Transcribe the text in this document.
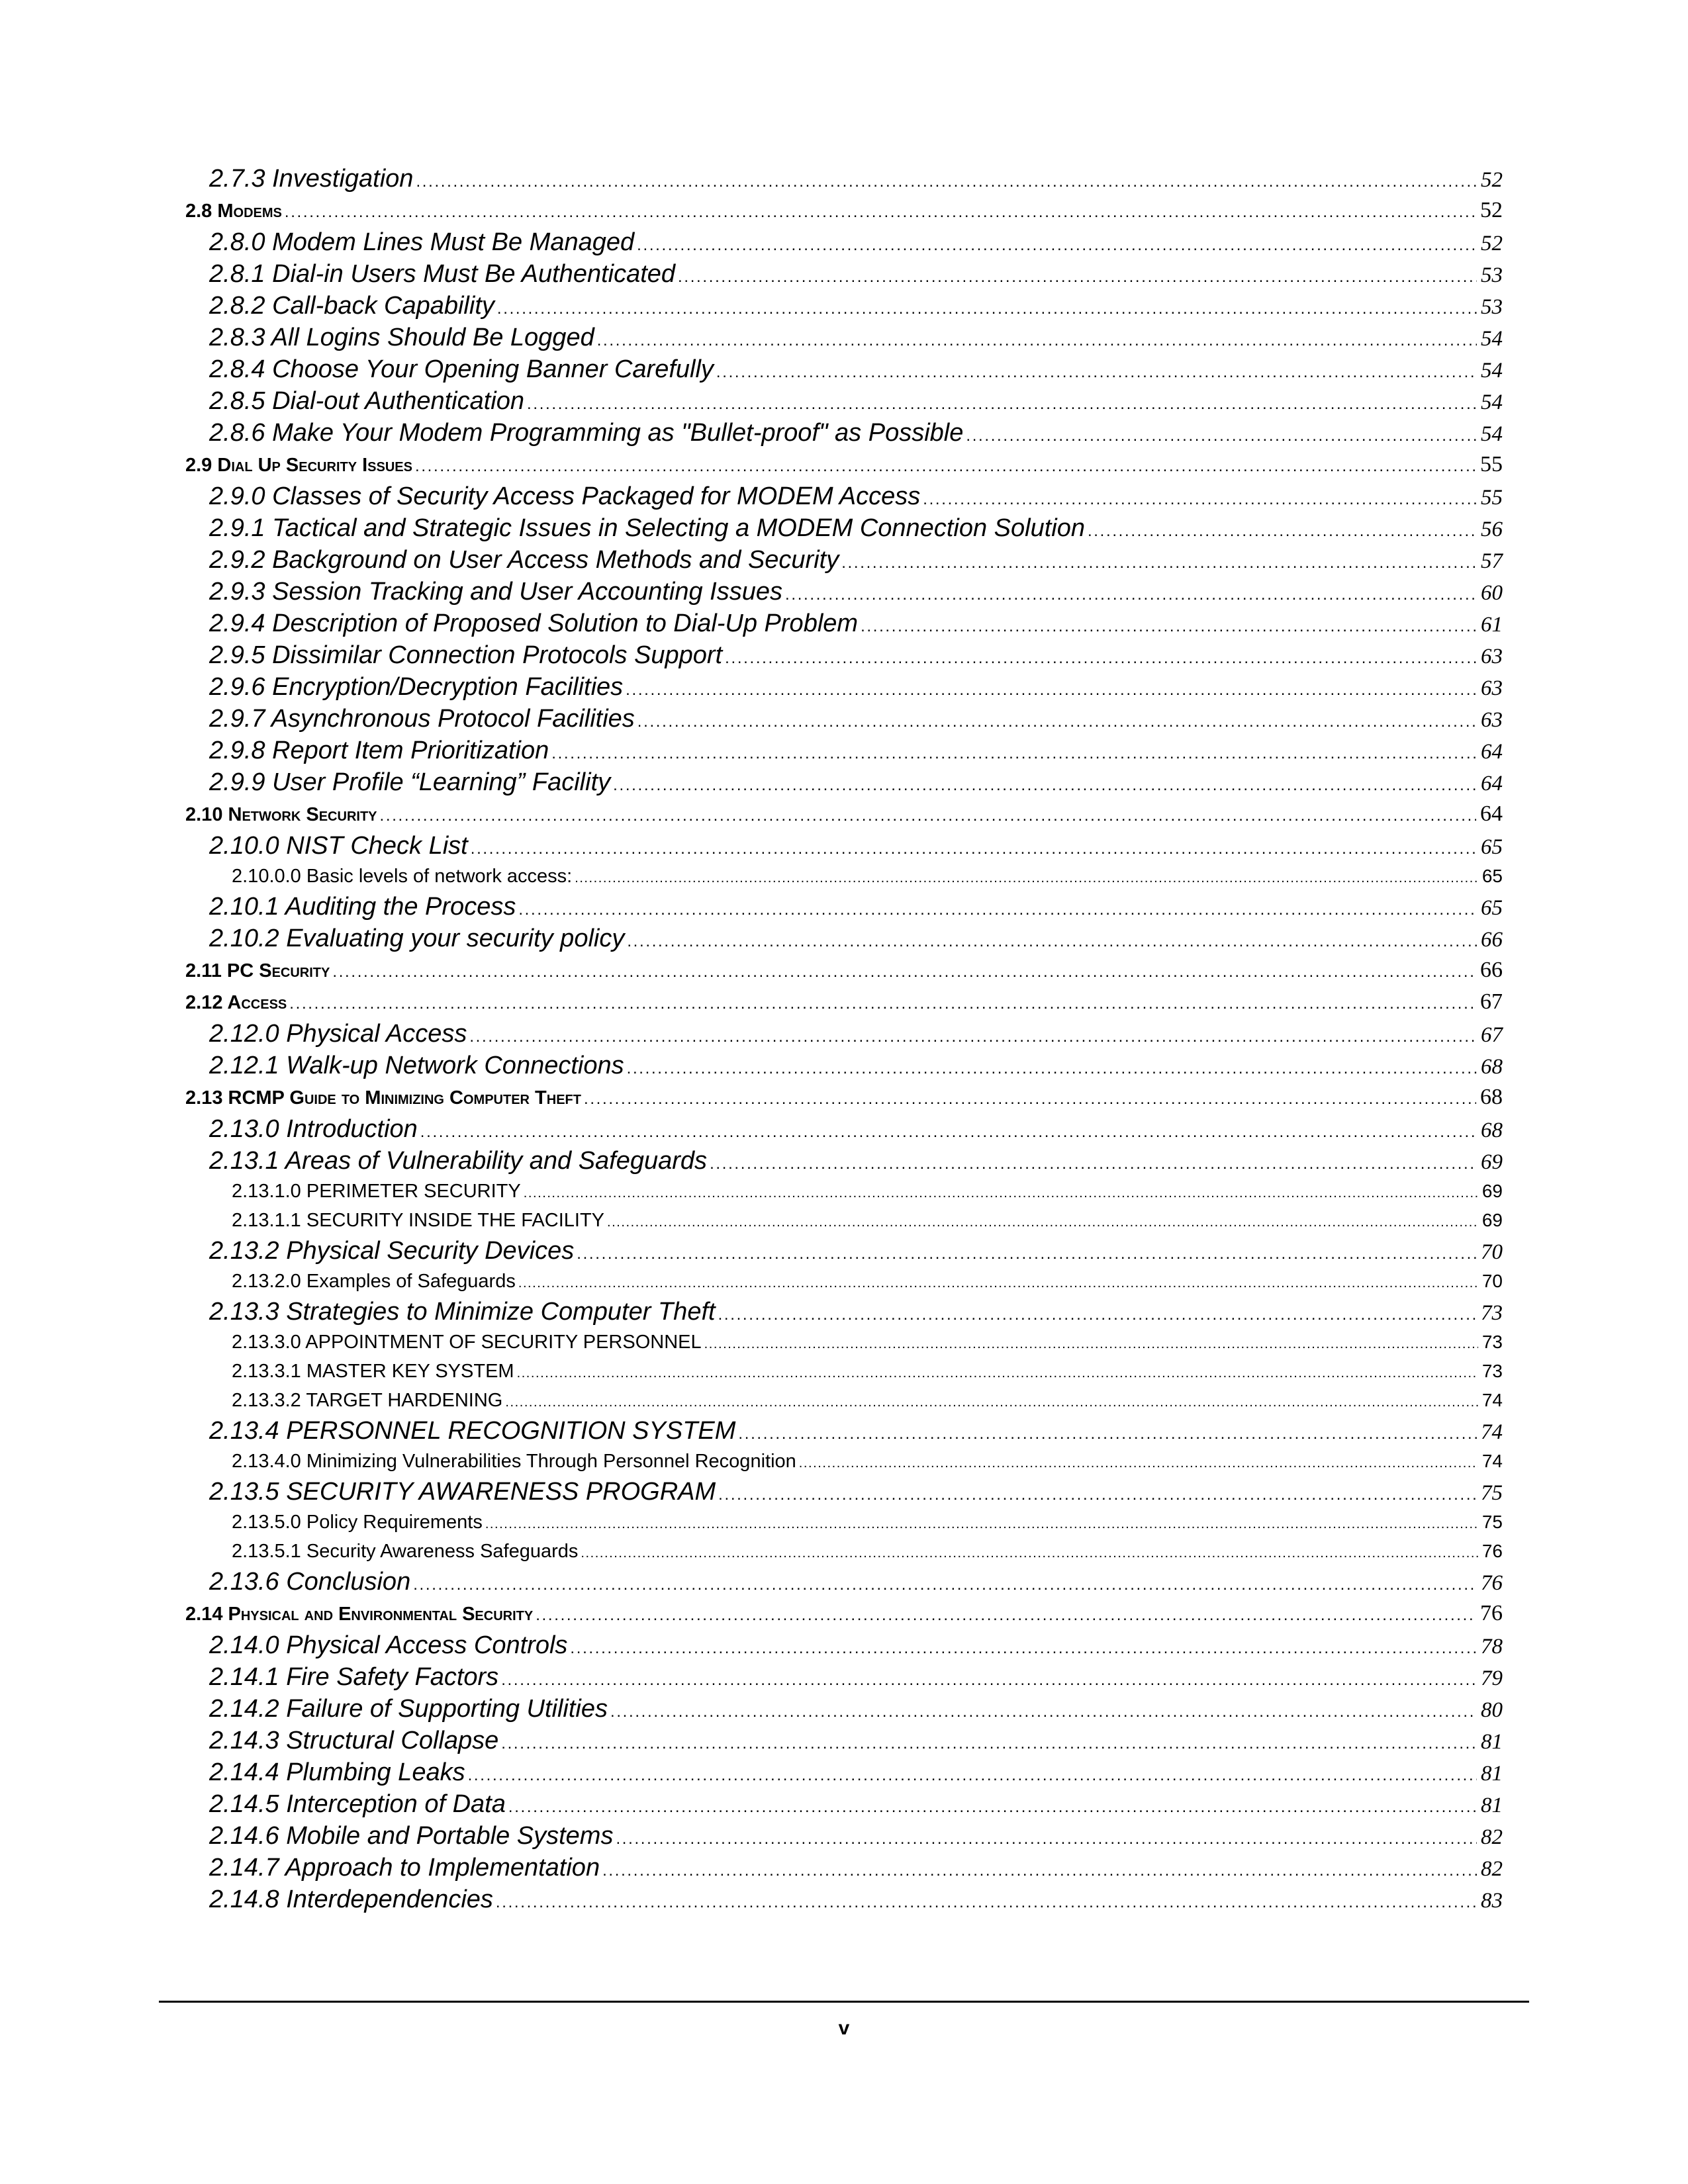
2.7.3 Investigation . . .	52
2.8 Modems . . .	52
2.8.0 Modem Lines Must Be Managed . . .	52
2.8.1 Dial-in Users Must Be Authenticated . . .	53
2.8.2 Call-back Capability . . .	53
2.8.3 All Logins Should Be Logged . . .	54
2.8.4 Choose Your Opening Banner Carefully . . .	54
2.8.5 Dial-out Authentication . . .	54
2.8.6 Make Your Modem Programming as "Bullet-proof" as Possible . . .	54
2.9 Dial Up Security Issues . . .	55
2.9.0 Classes of Security Access Packaged for MODEM Access . . .	55
2.9.1 Tactical and Strategic Issues in Selecting a MODEM Connection Solution . . .	56
2.9.2 Background on User Access Methods and Security . . .	57
2.9.3 Session Tracking and User Accounting Issues . . .	60
2.9.4 Description of Proposed Solution to Dial-Up Problem . . .	61
2.9.5 Dissimilar Connection Protocols Support . . .	63
2.9.6 Encryption/Decryption Facilities . . .	63
2.9.7 Asynchronous Protocol Facilities . . .	63
2.9.8 Report Item Prioritization . . .	64
2.9.9 User Profile “Learning” Facility . . .	64
2.10 Network Security . . .	64
2.10.0 NIST Check List . . .	65
2.10.0.0 Basic levels of network access: . . .	65
2.10.1 Auditing the Process . . .	65
2.10.2 Evaluating your security policy . . .	66
2.11 PC Security . . .	66
2.12 Access . . .	67
2.12.0 Physical Access . . .	67
2.12.1 Walk-up Network Connections . . .	68
2.13 RCMP Guide to Minimizing Computer Theft . . .	68
2.13.0 Introduction . . .	68
2.13.1 Areas of Vulnerability and Safeguards . . .	69
2.13.1.0 PERIMETER SECURITY . . .	69
2.13.1.1 SECURITY INSIDE THE FACILITY . . .	69
2.13.2 Physical Security Devices . . .	70
2.13.2.0 Examples of Safeguards . . .	70
2.13.3 Strategies to Minimize Computer Theft . . .	73
2.13.3.0 APPOINTMENT OF SECURITY PERSONNEL . . .	73
2.13.3.1 MASTER KEY SYSTEM . . .	73
2.13.3.2 TARGET HARDENING . . .	74
2.13.4 PERSONNEL RECOGNITION SYSTEM . . .	74
2.13.4.0 Minimizing Vulnerabilities Through Personnel Recognition . . .	74
2.13.5 SECURITY AWARENESS PROGRAM . . .	75
2.13.5.0 Policy Requirements . . .	75
2.13.5.1 Security Awareness Safeguards . . .	76
2.13.6 Conclusion . . .	76
2.14 Physical and Environmental Security . . .	76
2.14.0 Physical Access Controls . . .	78
2.14.1 Fire Safety Factors . . .	79
2.14.2 Failure of Supporting Utilities . . .	80
2.14.3 Structural Collapse . . .	81
2.14.4 Plumbing Leaks . . .	81
2.14.5 Interception of Data . . .	81
2.14.6 Mobile and Portable Systems . . .	82
2.14.7 Approach to Implementation . . .	82
2.14.8 Interdependencies . . .	83
v
